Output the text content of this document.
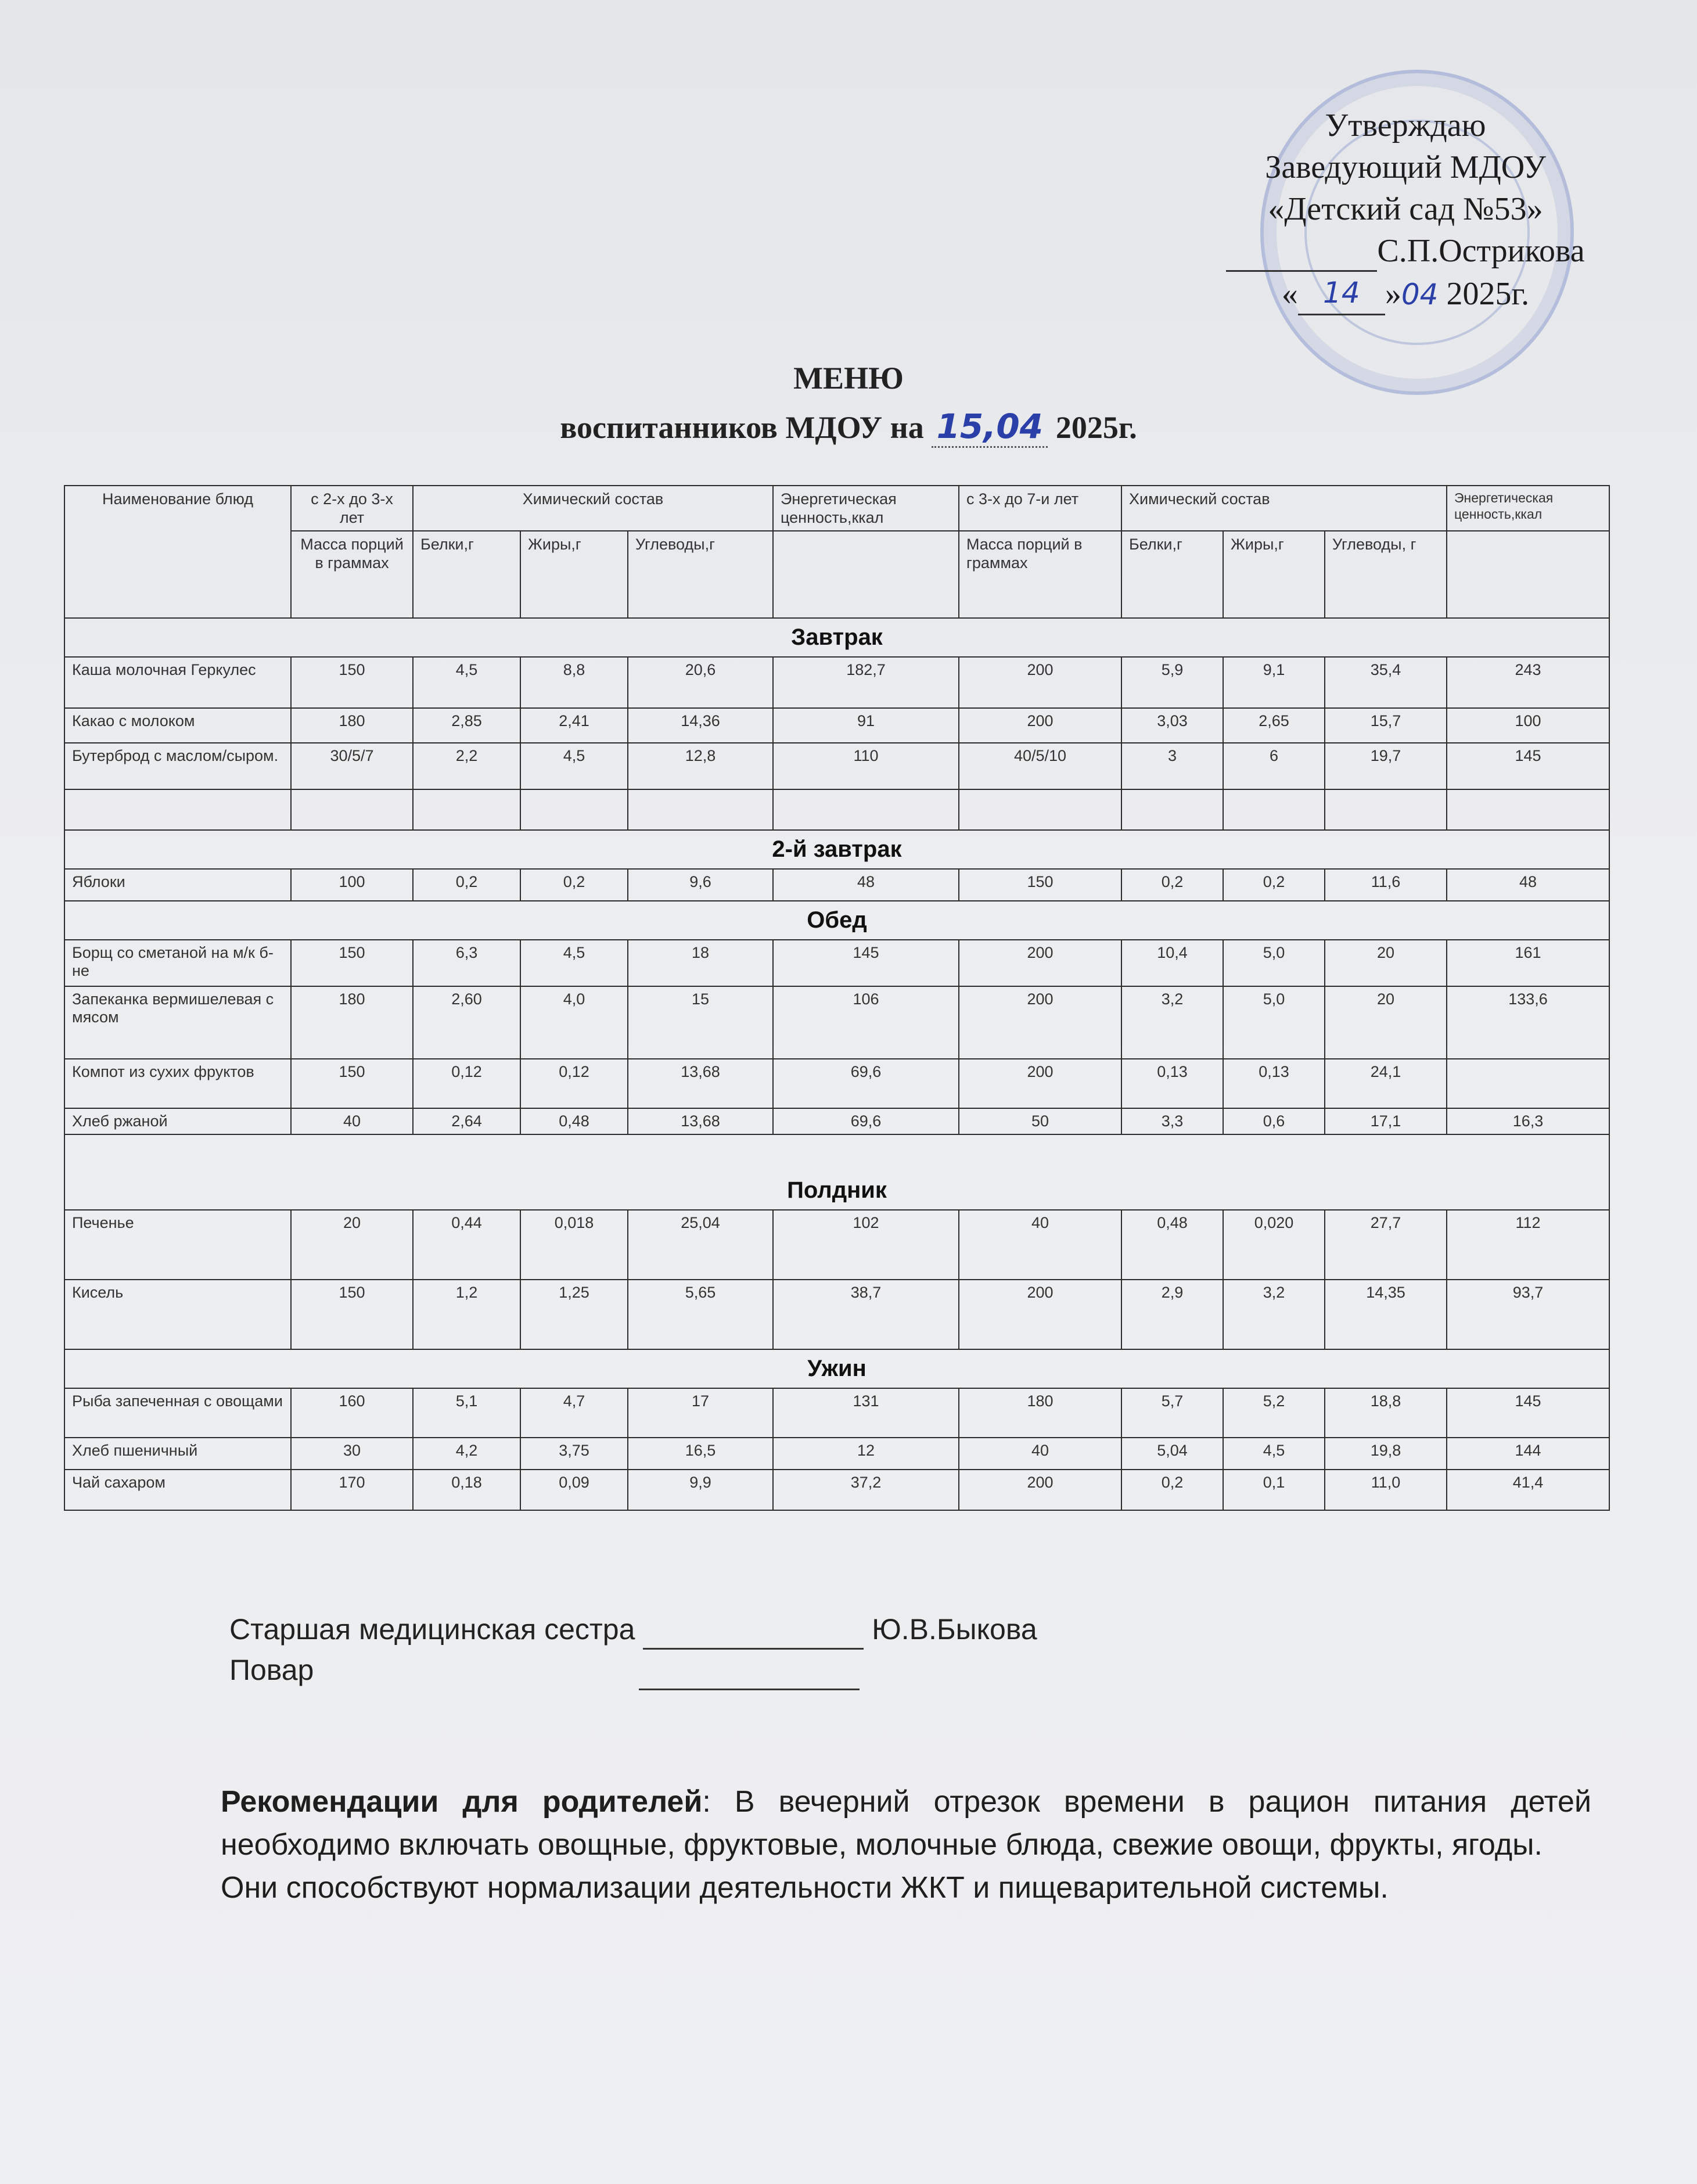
Утверждаю
Заведующий МДОУ
«Детский сад №53»
С.П.Острикова
« 14 »04 2025г.
МЕНЮ
воспитанников МДОУ на 15,04 2025г.
Наименование блюд	с 2-х до 3-х лет	Химический состав			Энергетическая ценность,ккал	с 3-х до 7-и лет	Химический состав			Энергетическая ценность,ккал
	Масса порций в граммах	Белки,г	Жиры,г	Углеводы,г		Масса порций в граммах	Белки,г	Жиры,г	Углеводы, г	
Завтрак										
Каша молочная Геркулес	150	4,5	8,8	20,6	182,7	200	5,9	9,1	35,4	243
Какао с молоком	180	2,85	2,41	14,36	91	200	3,03	2,65	15,7	100
Бутерброд с маслом/сыром.	30/5/7	2,2	4,5	12,8	110	40/5/10	3	6	19,7	145

2-й завтрак										
Яблоки	100	0,2	0,2	9,6	48	150	0,2	0,2	11,6	48
Обед										
Борщ со сметаной на м/к б-не	150	6,3	4,5	18	145	200	10,4	5,0	20	161
Запеканка вермишелевая с мясом	180	2,60	4,0	15	106	200	3,2	5,0	20	133,6
Компот из сухих фруктов	150	0,12	0,12	13,68	69,6	200	0,13	0,13	24,1	
Хлеб ржаной	40	2,64	0,48	13,68	69,6	50	3,3	0,6	17,1	16,3
Полдник										
Печенье	20	0,44	0,018	25,04	102	40	0,48	0,020	27,7	112
Кисель	150	1,2	1,25	5,65	38,7	200	2,9	3,2	14,35	93,7
Ужин										
Рыба запеченная с овощами	160	5,1	4,7	17	131	180	5,7	5,2	18,8	145
Хлеб пшеничный	30	4,2	3,75	16,5	12	40	5,04	4,5	19,8	144
Чай сахаром	170	0,18	0,09	9,9	37,2	200	0,2	0,1	11,0	41,4
Старшая медицинская сестра	Ю.В.Быкова
Повар

Рекомендации для родителей: В вечерний отрезок времени в рацион питания детей необходимо включать овощные, фруктовые, молочные блюда, свежие овощи, фрукты, ягоды.

Они способствуют нормализации деятельности ЖКТ и пищеварительной системы.
